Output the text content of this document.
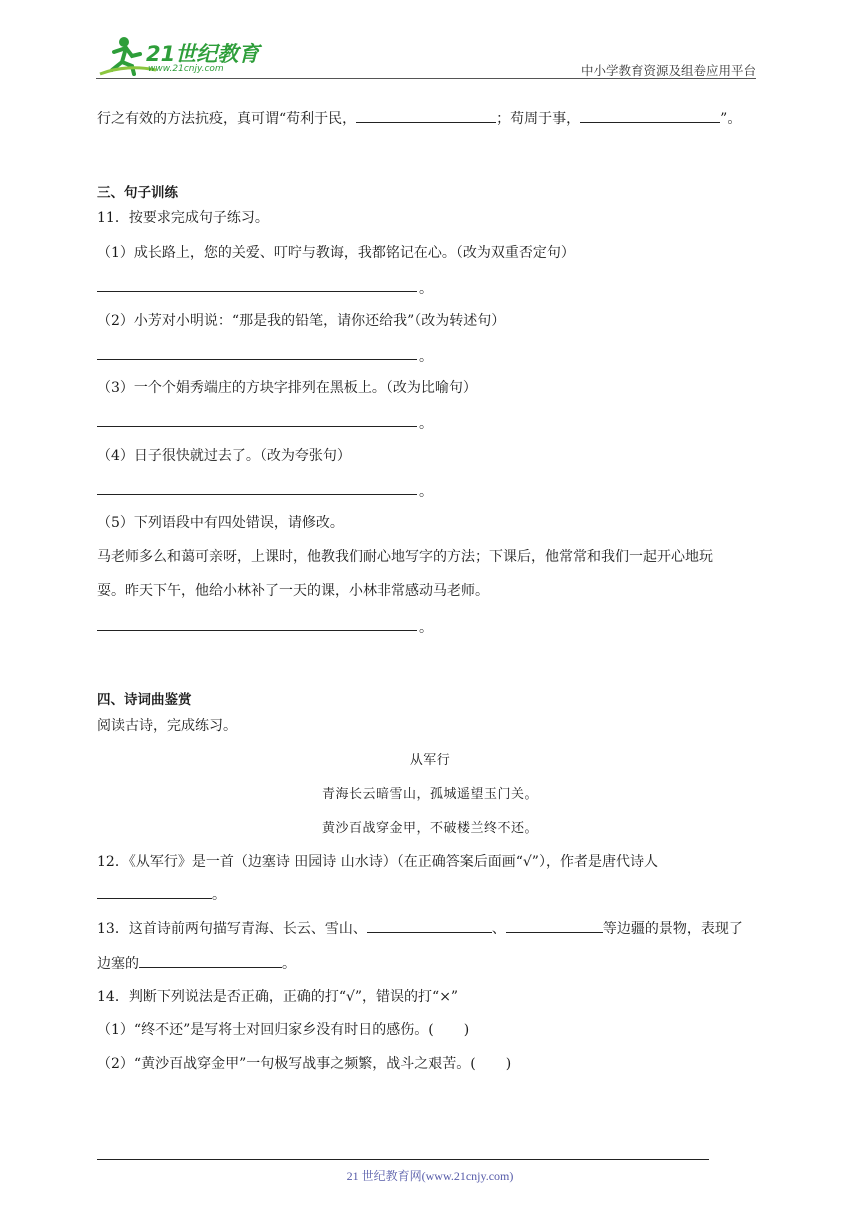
21世纪教育
www.21cnjy.com	中小学教育资源及组卷应用平台
行之有效的方法抗疫，真可谓“苟利于民，	；苟周于事，	”。
三、句子训练
11．按要求完成句子练习。
（1）成长路上，您的关爱、叮咛与教诲，我都铭记在心。（改为双重否定句）
。
（2）小芳对小明说：“那是我的铅笔，请你还给我”（改为转述句）
。
（3）一个个娟秀端庄的方块字排列在黑板上。（改为比喻句）
。
（4）日子很快就过去了。（改为夸张句）
。
（5）下列语段中有四处错误，请修改。
马老师多么和蔼可亲呀，上课时，他教我们耐心地写字的方法；下课后，他常常和我们一起开心地玩
耍。昨天下午，他给小林补了一天的课，小林非常感动马老师。
。
四、诗词曲鉴赏
阅读古诗，完成练习。
从军行
青海长云暗雪山，孤城遥望玉门关。
黄沙百战穿金甲，不破楼兰终不还。
12．《从军行》是一首（边塞诗 田园诗 山水诗）（在正确答案后面画“√”），作者是唐代诗人
。
13．这首诗前两句描写青海、长云、雪山、	、	等边疆的景物，表现了
边塞的	。
14．判断下列说法是否正确，正确的打“√”，错误的打“×”
（1）“终不还”是写将士对回归家乡没有时日的感伤。( )
（2）“黄沙百战穿金甲”一句极写战事之频繁，战斗之艰苦。( )
21 世纪教育网(www.21cnjy.com)
